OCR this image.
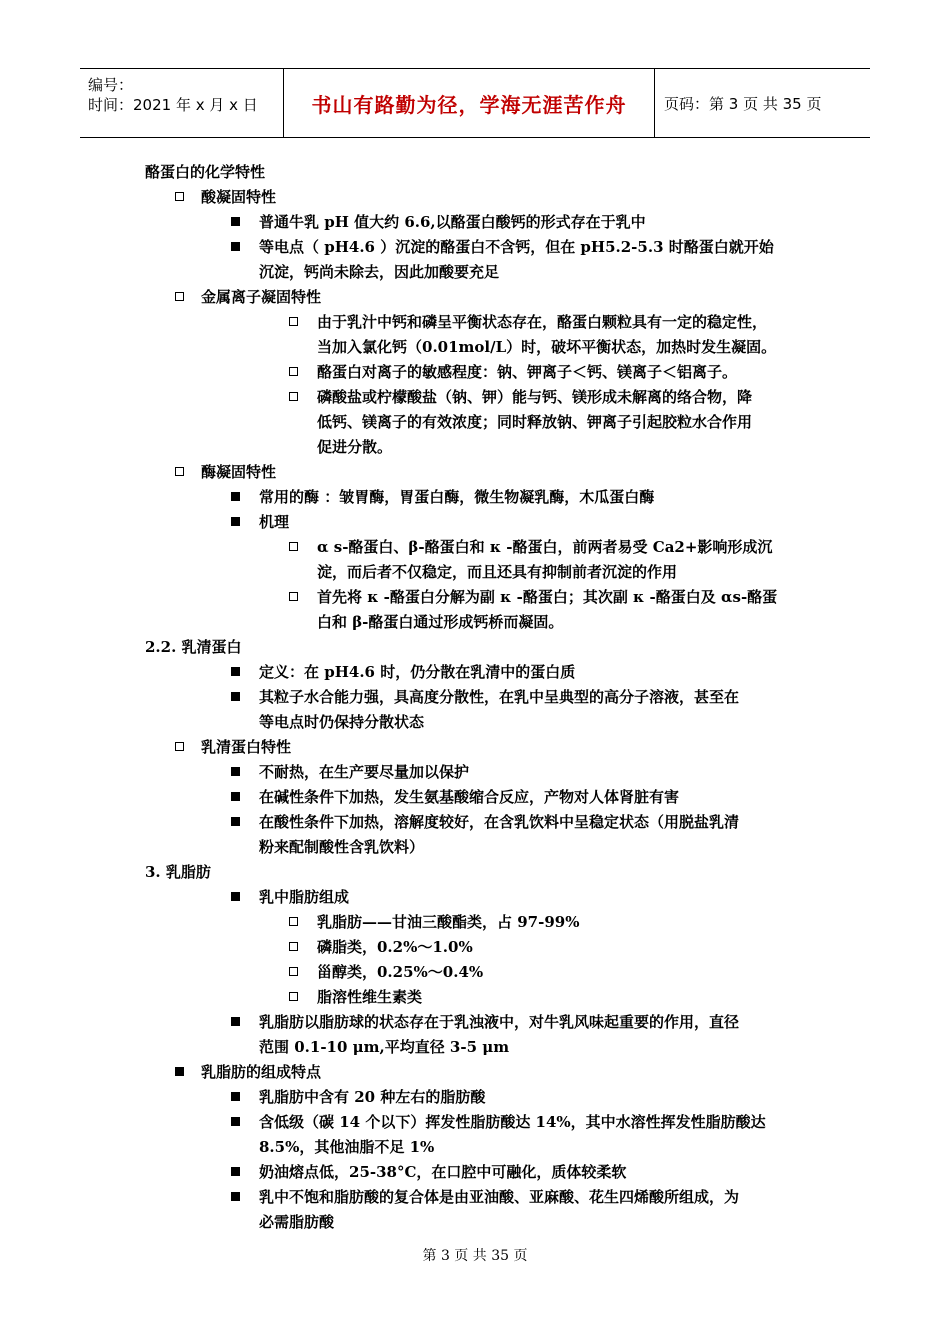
编号：
时间：2021 年 x 月 x 日	书山有路勤为径，学海无涯苦作舟	页码：第 3 页 共 35 页
酪蛋白的化学特性
酸凝固特性
普通牛乳 pH 值大约 6.6,以酪蛋白酸钙的形式存在于乳中
等电点（ pH4.6 ）沉淀的酪蛋白不含钙，但在 pH5.2-5.3 时酪蛋白就开始
沉淀，钙尚未除去，因此加酸要充足
金属离子凝固特性
由于乳汁中钙和磷呈平衡状态存在，酪蛋白颗粒具有一定的稳定性，
当加入氯化钙（0.01mol/L）时，破坏平衡状态，加热时发生凝固。
酪蛋白对离子的敏感程度：钠、钾离子＜钙、镁离子＜铝离子。
磷酸盐或柠檬酸盐（钠、钾）能与钙、镁形成未解离的络合物，降
低钙、镁离子的有效浓度；同时释放钠、钾离子引起胶粒水合作用
促进分散。
酶凝固特性
常用的酶 ：皱胃酶，胃蛋白酶，微生物凝乳酶，木瓜蛋白酶
机理
α s-酪蛋白、β-酪蛋白和 κ -酪蛋白，前两者易受 Ca2+影响形成沉
淀，而后者不仅稳定，而且还具有抑制前者沉淀的作用
首先将 κ -酪蛋白分解为副 κ -酪蛋白；其次副 κ -酪蛋白及 αs-酪蛋
白和 β-酪蛋白通过形成钙桥而凝固。
2.2. 乳清蛋白
定义：在 pH4.6 时，仍分散在乳清中的蛋白质
其粒子水合能力强，具高度分散性，在乳中呈典型的高分子溶液，甚至在
等电点时仍保持分散状态
乳清蛋白特性
不耐热，在生产要尽量加以保护
在碱性条件下加热，发生氨基酸缩合反应，产物对人体肾脏有害
在酸性条件下加热，溶解度较好，在含乳饮料中呈稳定状态（用脱盐乳清
粉来配制酸性含乳饮料）
3. 乳脂肪
乳中脂肪组成
乳脂肪——甘油三酸酯类，占 97-99%
磷脂类，0.2%～1.0%
甾醇类，0.25%～0.4%
脂溶性维生素类
乳脂肪以脂肪球的状态存在于乳浊液中，对牛乳风味起重要的作用，直径
范围 0.1-10 μm,平均直径 3-5 μm
乳脂肪的组成特点
乳脂肪中含有 20 种左右的脂肪酸
含低级（碳 14 个以下）挥发性脂肪酸达 14%，其中水溶性挥发性脂肪酸达
8.5%，其他油脂不足 1%
奶油熔点低，25-38°C，在口腔中可融化，质体较柔软
乳中不饱和脂肪酸的复合体是由亚油酸、亚麻酸、花生四烯酸所组成，为
必需脂肪酸
第 3 页 共 35 页
